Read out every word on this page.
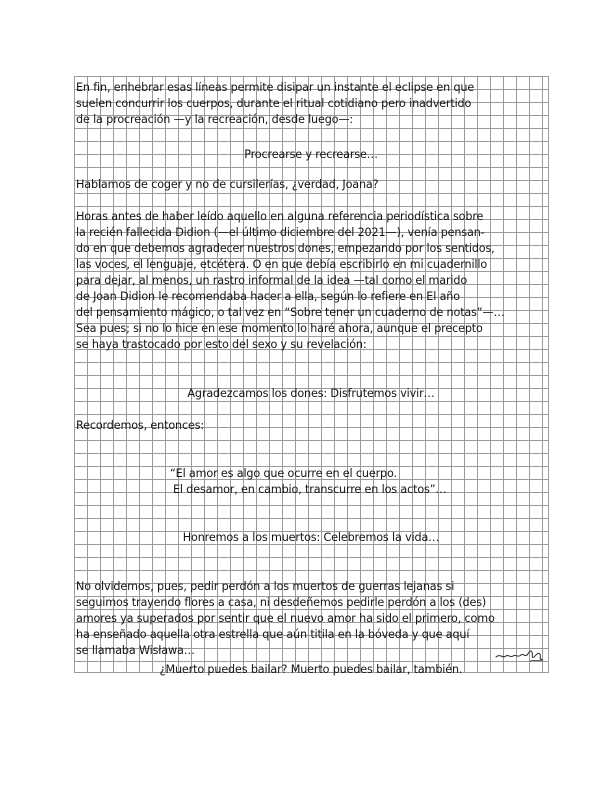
En fin, enhebrar esas líneas permite disipar un instante el eclipse en que
suelen concurrir los cuerpos, durante el ritual cotidiano pero inadvertido
de la procreación —y la recreación, desde luego—:
Procrearse y recrearse…
Hablamos de coger y no de cursilerías, ¿verdad, Joana?
Horas antes de haber leído aquello en alguna referencia periodística sobre
la recién fallecida Didion (—el último diciembre del 2021—), venía pensan-
do en que debemos agradecer nuestros dones, empezando por los sentidos,
las voces, el lenguaje, etcétera. O en que debía escribirlo en mi cuadernillo
para dejar, al menos, un rastro informal de la idea —tal como el marido
de Joan Didion le recomendaba hacer a ella, según lo refiere en El año
del pensamiento mágico, o tal vez en “Sobre tener un cuaderno de notas”—…
Sea pues; si no lo hice en ese momento lo haré ahora, aunque el precepto
se haya trastocado por esto del sexo y su revelación:
Agradezcamos los dones: Disfrutemos vivir…
Recordemos, entonces:
“El amor es algo que ocurre en el cuerpo.
El desamor, en cambio, transcurre en los actos”…
Honremos a los muertos: Celebremos la vida…
No olvidemos, pues, pedir perdón a los muertos de guerras lejanas si
seguimos trayendo flores a casa, ni desdeñemos pedirle perdón a los (des)
amores ya superados por sentir que el nuevo amor ha sido el primero, como
ha enseñado aquella otra estrella que aún titila en la bóveda y que aquí
se llamaba Wisława…
¿Muerto puedes bailar? Muerto puedes bailar, también.
